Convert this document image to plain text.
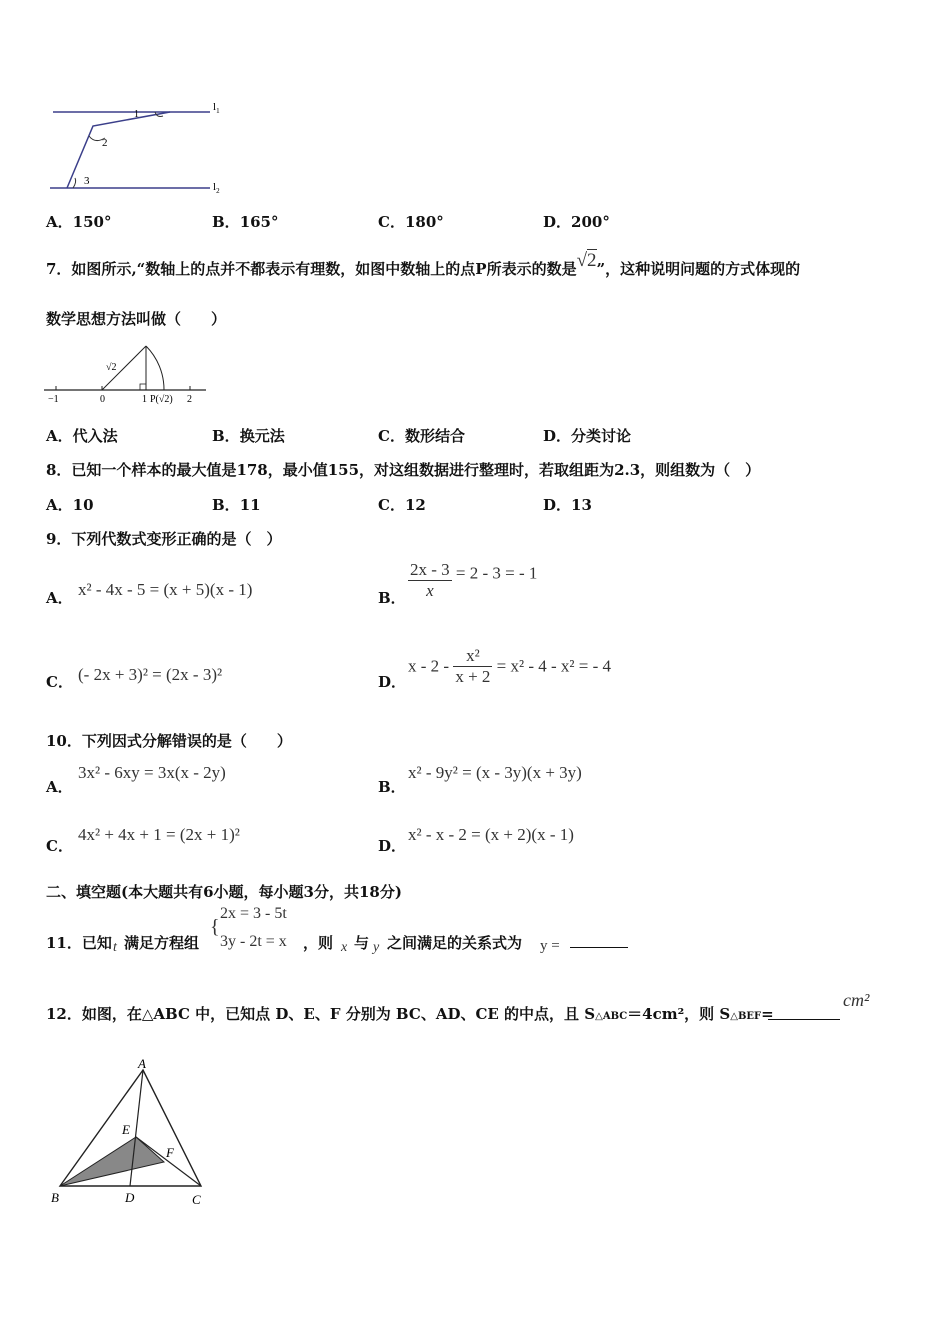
$l_1$
$l_2$
1
2
3
A．150°	B．165°	C．180°	D．200°
7．如图所示,“数轴上的点并不都表示有理数，如图中数轴上的点P所表示的数是√2”，这种说明问题的方式体现的
数学思想方法叫做（　　）
√2
−1	0	1 P(√2) 2
A．代入法	B．换元法	C．数形结合	D．分类讨论
8．已知一个样本的最大值是178，最小值155，对这组数据进行整理时，若取组距为2.3，则组数为（　）
A．10	B．11	C．12	D．13
9．下列代数式变形正确的是（　）
A． x² - 4x - 5 = (x + 5)(x - 1)	B． $\frac{2x - 3}{x} = 2 - 3$ = - 1
C． (- 2x + 3)² = (2x - 3)²	D．
$x - 2 - \frac{\text{x²}}{x + 2} = x^2 - 4 - x^2$ = - 4
10．下列因式分解错误的是（　　）
A．
3x² - 6xy = 3x(x - 2y)
B．
x² - 9y² = (x - 3y)(x + 3y)
C．
4x² + 4x + 1 = (2x + 1)²
D．
x² - x - 2 = (x + 2)(x - 1)
二、填空题(本大题共有6小题，每小题3分，共18分)
11．已知 t 满足方程组
{
2x = 3 - 5t
3y - 2t = x ，则 x 与 y 之间满足的关系式为 y =
12．如图，在△ABC 中，已知点 D、E、F 分别为 BC、AD、CE 的中点，且 S△ABC＝4cm²，则 S△BEF=
cm²
A
B	C
D
E
F
